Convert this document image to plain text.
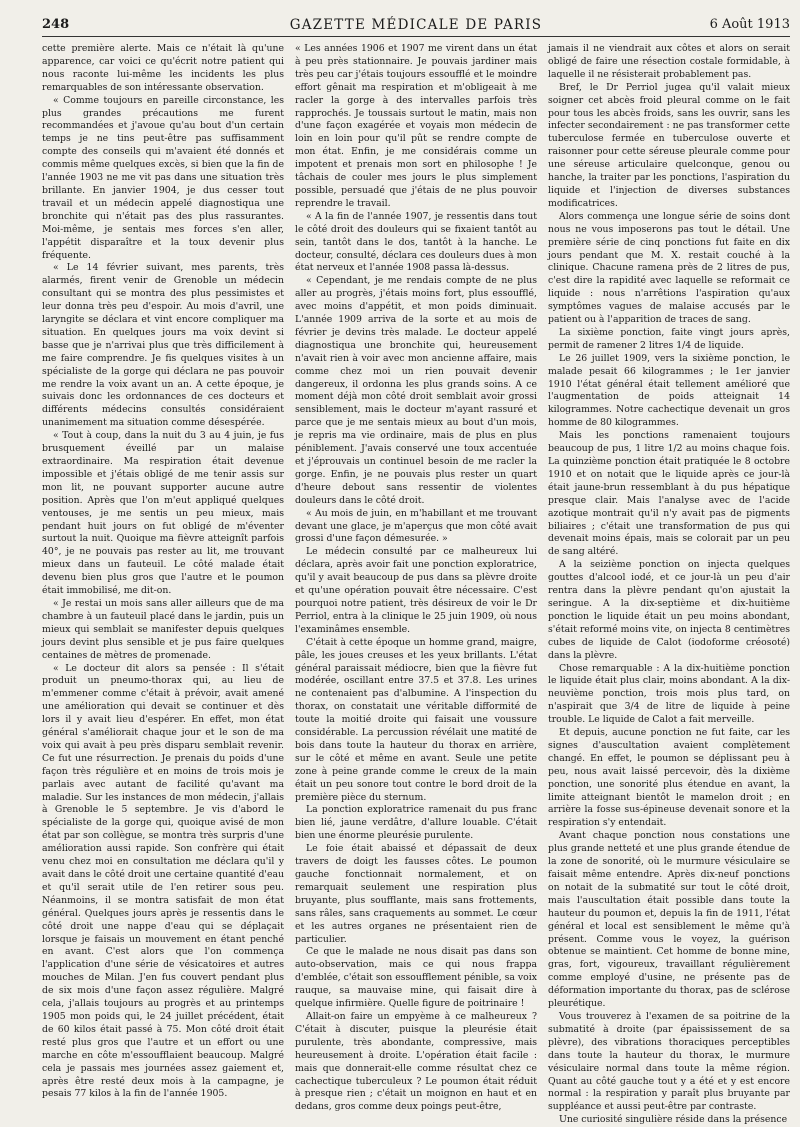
248	GAZETTE MÉDICALE DE PARIS	6 Août 1913

cette première alerte. Mais ce n'était là qu'une apparence, car voici ce qu'écrit notre patient qui nous raconte lui-même les incidents les plus remarquables de son intéressante observation.

« Comme toujours en pareille circonstance, les plus grandes précautions me furent recommandées et j'avoue qu'au bout d'un certain temps je ne tins peut-être pas suffisamment compte des conseils qui m'avaient été donnés et commis même quelques excès, si bien que la fin de l'année 1903 ne me vit pas dans une situation très brillante. En janvier 1904, je dus cesser tout travail et un médecin appelé diagnostiqua une bronchite qui n'était pas des plus rassurantes. Moi-même, je sentais mes forces s'en aller, l'appétit disparaître et la toux devenir plus fréquente.

« Le 14 février suivant, mes parents, très alarmés, firent venir de Grenoble un médecin consultant qui se montra des plus pessimistes et leur donna très peu d'espoir. Au mois d'avril, une laryngite se déclara et vint encore compliquer ma situation. En quelques jours ma voix devint si basse que je n'arrivai plus que très difficilement à me faire comprendre. Je fis quelques visites à un spécialiste de la gorge qui déclara ne pas pouvoir me rendre la voix avant un an. A cette époque, je suivais donc les ordonnances de ces docteurs et différents médecins consultés considéraient unanimement ma situation comme désespérée.

« Tout à coup, dans la nuit du 3 au 4 juin, je fus brusquement éveillé par un malaise extraordinaire. Ma respiration était devenue impossible et j'étais obligé de me tenir assis sur mon lit, ne pouvant supporter aucune autre position. Après que l'on m'eut appliqué quelques ventouses, je me sentis un peu mieux, mais pendant huit jours on fut obligé de m'éventer surtout la nuit. Quoique ma fièvre atteignît parfois 40°, je ne pouvais pas rester au lit, me trouvant mieux dans un fauteuil. Le côté malade était devenu bien plus gros que l'autre et le poumon était immobilisé, me dit-on.

« Je restai un mois sans aller ailleurs que de ma chambre à un fauteuil placé dans le jardin, puis un mieux qui semblait se manifester depuis quelques jours devint plus sensible et je pus faire quelques centaines de mètres de promenade.

« Le docteur dit alors sa pensée : Il s'était produit un pneumo-thorax qui, au lieu de m'emmener comme c'était à prévoir, avait amené une amélioration qui devait se continuer et dès lors il y avait lieu d'espérer. En effet, mon état général s'améliorait chaque jour et le son de ma voix qui avait à peu près disparu semblait revenir. Ce fut une résurrection. Je prenais du poids d'une façon très régulière et en moins de trois mois je parlais avec autant de facilité qu'avant ma maladie. Sur les instances de mon médecin, j'allais à Grenoble le 5 septembre. Je vis d'abord le spécialiste de la gorge qui, quoique avisé de mon état par son collègue, se montra très surpris d'une amélioration aussi rapide. Son confrère qui était venu chez moi en consultation me déclara qu'il y avait dans le côté droit une certaine quantité d'eau et qu'il serait utile de l'en retirer sous peu. Néanmoins, il se montra satisfait de mon état général. Quelques jours après je ressentis dans le côté droit une nappe d'eau qui se déplaçait lorsque je faisais un mouvement en étant penché en avant. C'est alors que l'on commença l'application d'une série de vésicatoires et autres mouches de Milan. J'en fus couvert pendant plus de six mois d'une façon assez régulière. Malgré cela, j'allais toujours au progrès et au printemps 1905 mon poids qui, le 24 juillet précédent, était de 60 kilos était passé à 75. Mon côté droit était resté plus gros que l'autre et un effort ou une marche en côte m'essoufflaient beaucoup. Malgré cela je passais mes journées assez gaiement et, après être resté deux mois à la campagne, je pesais 77 kilos à la fin de l'année 1905.

« Les années 1906 et 1907 me virent dans un état à peu près stationnaire. Je pouvais jardiner mais très peu car j'étais toujours essoufflé et le moindre effort gênait ma respiration et m'obligeait à me racler la gorge à des intervalles parfois très rapprochés. Je toussais surtout le matin, mais non d'une façon exagérée et voyais mon médecin de loin en loin pour qu'il pût se rendre compte de mon état. Enfin, je me considérais comme un impotent et prenais mon sort en philosophe ! Je tâchais de couler mes jours le plus simplement possible, persuadé que j'étais de ne plus pouvoir reprendre le travail.

« A la fin de l'année 1907, je ressentis dans tout le côté droit des douleurs qui se fixaient tantôt au sein, tantôt dans le dos, tantôt à la hanche. Le docteur, consulté, déclara ces douleurs dues à mon état nerveux et l'année 1908 passa là-dessus.

« Cependant, je me rendais compte de ne plus aller au progrès, j'étais moins fort, plus essoufflé, avec moins d'appétit, et mon poids diminuait. L'année 1909 arriva de la sorte et au mois de février je devins très malade. Le docteur appelé diagnostiqua une bronchite qui, heureusement n'avait rien à voir avec mon ancienne affaire, mais comme chez moi un rien pouvait devenir dangereux, il ordonna les plus grands soins. A ce moment déjà mon côté droit semblait avoir grossi sensiblement, mais le docteur m'ayant rassuré et parce que je me sentais mieux au bout d'un mois, je repris ma vie ordinaire, mais de plus en plus péniblement. J'avais conservé une toux accentuée et j'éprouvais un continuel besoin de me racler la gorge. Enfin, je ne pouvais plus rester un quart d'heure debout sans ressentir de violentes douleurs dans le côté droit.

« Au mois de juin, en m'habillant et me trouvant devant une glace, je m'aperçus que mon côté avait grossi d'une façon démesurée. »

Le médecin consulté par ce malheureux lui déclara, après avoir fait une ponction exploratrice, qu'il y avait beaucoup de pus dans sa plèvre droite et qu'une opération pouvait être nécessaire. C'est pourquoi notre patient, très désireux de voir le Dr Perriol, entra à la clinique le 25 juin 1909, où nous l'examinâmes ensemble.

C'était à cette époque un homme grand, maigre, pâle, les joues creuses et les yeux brillants. L'état général paraissait médiocre, bien que la fièvre fut modérée, oscillant entre 37.5 et 37.8. Les urines ne contenaient pas d'albumine. A l'inspection du thorax, on constatait une véritable difformité de toute la moitié droite qui faisait une voussure considérable. La percussion révélait une matité de bois dans toute la hauteur du thorax en arrière, sur le côté et même en avant. Seule une petite zone à peine grande comme le creux de la main était un peu sonore tout contre le bord droit de la première pièce du sternum.

La ponction exploratrice ramenait du pus franc bien lié, jaune verdâtre, d'allure louable. C'était bien une énorme pleurésie purulente.

Le foie était abaissé et dépassait de deux travers de doigt les fausses côtes. Le poumon gauche fonctionnait normalement, et on remarquait seulement une respiration plus bruyante, plus soufflante, mais sans frottements, sans râles, sans craquements au sommet. Le cœur et les autres organes ne présentaient rien de particulier.

Ce que le malade ne nous disait pas dans son auto-observation, mais ce qui nous frappa d'emblée, c'était son essoufflement pénible, sa voix rauque, sa mauvaise mine, qui faisait dire à quelque infirmière. Quelle figure de poitrinaire !

Allait-on faire un empyème à ce malheureux ? C'était à discuter, puisque la pleurésie était purulente, très abondante, compressive, mais heureusement à droite. L'opération était facile : mais que donnerait-elle comme résultat chez ce cachectique tuberculeux ? Le poumon était réduit à presque rien ; c'était un moignon en haut et en dedans, gros comme deux poings peut-être,

jamais il ne viendrait aux côtes et alors on serait obligé de faire une résection costale formidable, à laquelle il ne résisterait probablement pas.

Bref, le Dr Perriol jugea qu'il valait mieux soigner cet abcès froid pleural comme on le fait pour tous les abcès froids, sans les ouvrir, sans les infecter secondairement : ne pas transformer cette tuberculose fermée en tuberculose ouverte et raisonner pour cette séreuse pleurale comme pour une séreuse articulaire quelconque, genou ou hanche, la traiter par les ponctions, l'aspiration du liquide et l'injection de diverses substances modificatrices.

Alors commença une longue série de soins dont nous ne vous imposerons pas tout le détail. Une première série de cinq ponctions fut faite en dix jours pendant que M. X. restait couché à la clinique. Chacune ramena près de 2 litres de pus, c'est dire la rapidité avec laquelle se reformait ce liquide : nous n'arrêtions l'aspiration qu'aux symptômes vagues de malaise accusés par le patient ou à l'apparition de traces de sang.

La sixième ponction, faite vingt jours après, permit de ramener 2 litres 1/4 de liquide.

Le 26 juillet 1909, vers la sixième ponction, le malade pesait 66 kilogrammes ; le 1er janvier 1910 l'état général était tellement amélioré que l'augmentation de poids atteignait 14 kilogrammes. Notre cachectique devenait un gros homme de 80 kilogrammes.

Mais les ponctions ramenaient toujours beaucoup de pus, 1 litre 1/2 au moins chaque fois. La quinzième ponction était pratiquée le 8 octobre 1910 et on notait que le liquide après ce jour-là était jaune-brun ressemblant à du pus hépatique presque clair. Mais l'analyse avec de l'acide azotique montrait qu'il n'y avait pas de pigments biliaires ; c'était une transformation de pus qui devenait moins épais, mais se colorait par un peu de sang altéré.

A la seizième ponction on injecta quelques gouttes d'alcool iodé, et ce jour-là un peu d'air rentra dans la plèvre pendant qu'on ajustait la seringue. A la dix-septième et dix-huitième ponction le liquide était un peu moins abondant, s'était reformé moins vite, on injecta 8 centimètres cubes de liquide de Calot (iodoforme créosoté) dans la plèvre.

Chose remarquable : A la dix-huitième ponction le liquide était plus clair, moins abondant. A la dix-neuvième ponction, trois mois plus tard, on n'aspirait que 3/4 de litre de liquide à peine trouble. Le liquide de Calot a fait merveille.

Et depuis, aucune ponction ne fut faite, car les signes d'auscultation avaient complètement changé. En effet, le poumon se déplissant peu à peu, nous avait laissé percevoir, dès la dixième ponction, une sonorité plus étendue en avant, la limite atteignant bientôt le mamelon droit ; en arrière la fosse sus-épineuse devenait sonore et la respiration s'y entendait.

Avant chaque ponction nous constations une plus grande netteté et une plus grande étendue de la zone de sonorité, où le murmure vésiculaire se faisait même entendre. Après dix-neuf ponctions on notait de la submatité sur tout le côté droit, mais l'auscultation était possible dans toute la hauteur du poumon et, depuis la fin de 1911, l'état général et local est sensiblement le même qu'à présent. Comme vous le voyez, la guérison obtenue se maintient. Cet homme de bonne mine, gras, fort, vigoureux, travaillant régulièrement comme employé d'usine, ne présente pas de déformation importante du thorax, pas de sclérose pleurétique.

Vous trouverez à l'examen de sa poitrine de la submatité à droite (par épaississement de sa plèvre), des vibrations thoraciques perceptibles dans toute la hauteur du thorax, le murmure vésiculaire normal dans toute la même région. Quant au côté gauche tout y a été et y est encore normal : la respiration y paraît plus bruyante par suppléance et aussi peut-être par contraste.

Une curiosité singulière réside dans la présence
